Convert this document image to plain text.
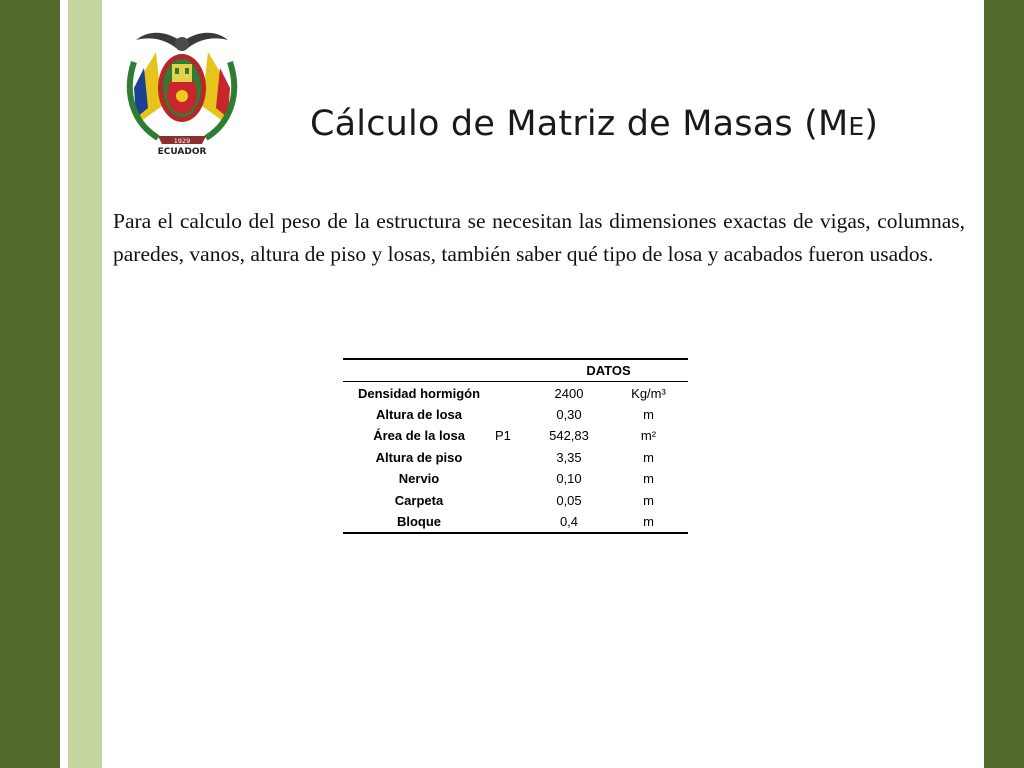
1929
ECUADOR
Cálculo de Matriz de Masas (ME)

Para el calculo del peso de la estructura se necesitan las dimensiones exactas de vigas, columnas, paredes, vanos, altura de piso y losas, también saber qué tipo de losa y acabados fueron usados.

		DATOS	
Densidad hormigón		2400	Kg/m³
Altura de losa		0,30	m
Área de la losa	P1	542,83	m²
Altura de piso		3,35	m
Nervio		0,10	m
Carpeta		0,05	m
Bloque		0,4	m
